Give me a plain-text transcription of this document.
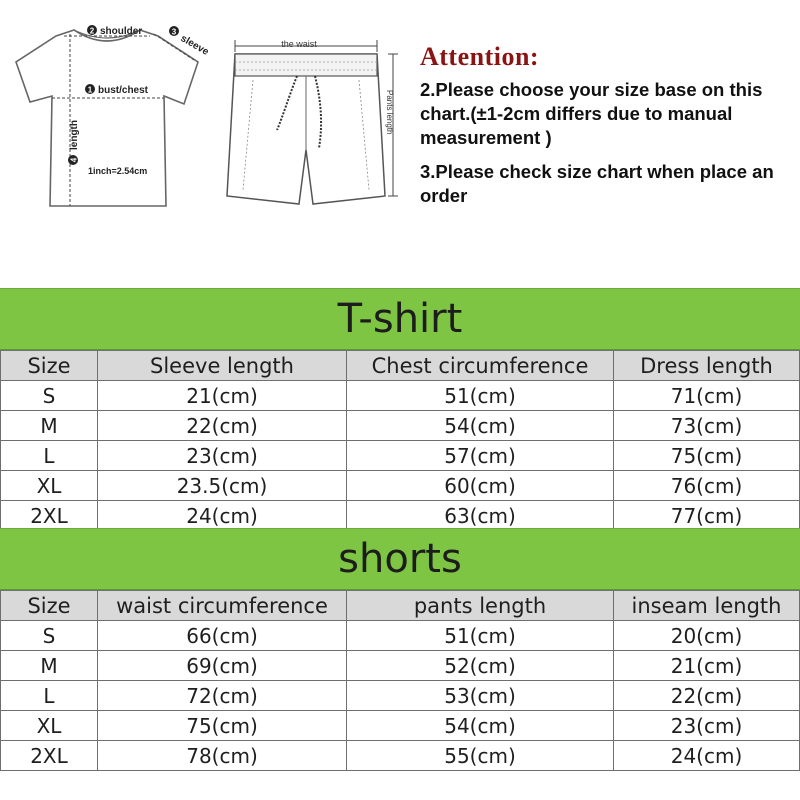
2 shoulder	3
sleeve
1 bust/chest
4
length
1inch=2.54cm
the waist
Pants length

Attention:

2.Please choose your size base on this chart.(±1-2cm differs due to manual measurement )

3.Please check size chart when place an order

T-shirt
Size	Sleeve length	Chest circumference	Dress length
S	21(cm)	51(cm)	71(cm)
M	22(cm)	54(cm)	73(cm)
L	23(cm)	57(cm)	75(cm)
XL	23.5(cm)	60(cm)	76(cm)
2XL	24(cm)	63(cm)	77(cm)
shorts
Size	waist circumference	pants length	inseam length
S	66(cm)	51(cm)	20(cm)
M	69(cm)	52(cm)	21(cm)
L	72(cm)	53(cm)	22(cm)
XL	75(cm)	54(cm)	23(cm)
2XL	78(cm)	55(cm)	24(cm)
